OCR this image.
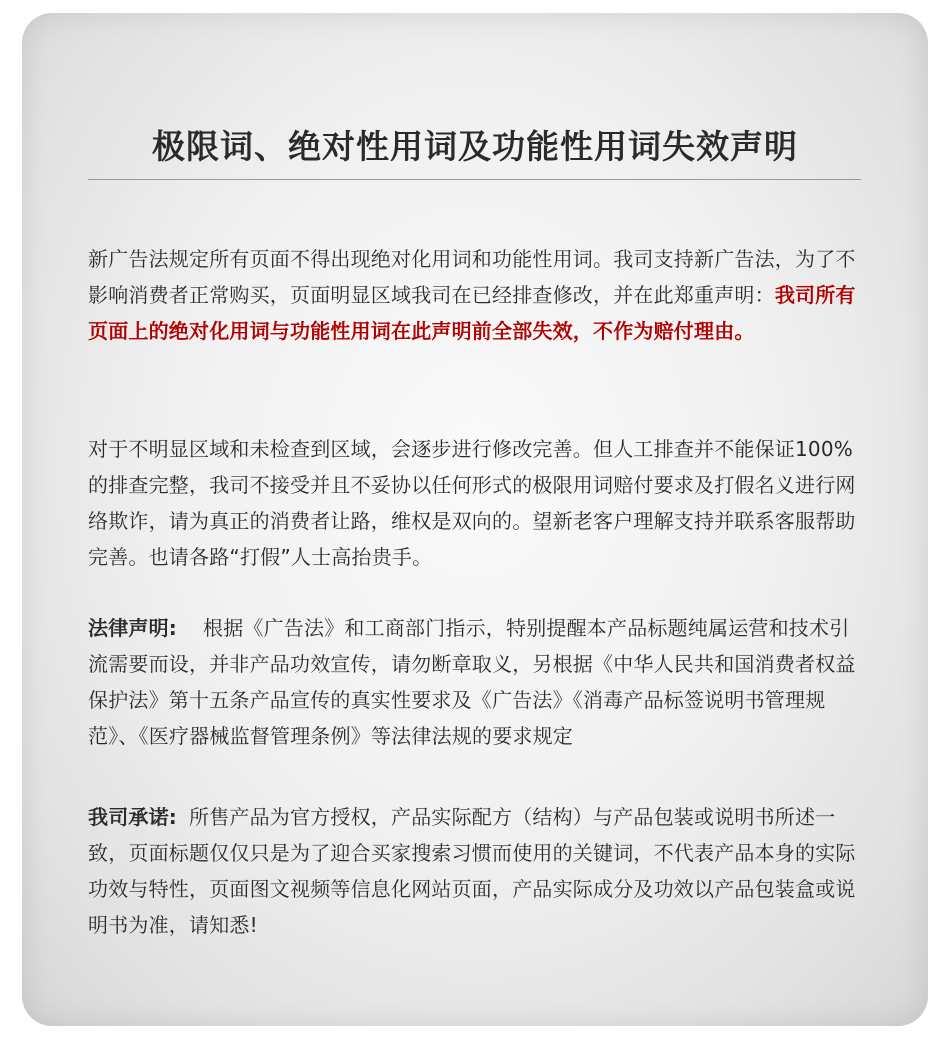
极限词、绝对性用词及功能性用词失效声明

新广告法规定所有页面不得出现绝对化用词和功能性用词。我司支持新广告法，为了不影响消费者正常购买，页面明显区域我司在已经排查修改，并在此郑重声明：我司所有页面上的绝对化用词与功能性用词在此声明前全部失效，不作为赔付理由。

对于不明显区域和未检查到区域，会逐步进行修改完善。但人工排查并不能保证100%的排查完整，我司不接受并且不妥协以任何形式的极限用词赔付要求及打假名义进行网络欺诈，请为真正的消费者让路，维权是双向的。望新老客户理解支持并联系客服帮助完善。也请各路“打假”人士高抬贵手。

法律声明: 根据《广告法》和工商部门指示，特别提醒本产品标题纯属运营和技术引流需要而设，并非产品功效宣传，请勿断章取义，另根据《中华人民共和国消费者权益保护法》第十五条产品宣传的真实性要求及《广告法》《消毒产品标签说明书管理规范》、《医疗器械监督管理条例》等法律法规的要求规定

我司承诺: 所售产品为官方授权，产品实际配方（结构）与产品包装或说明书所述一致，页面标题仅仅只是为了迎合买家搜索习惯而使用的关键词，不代表产品本身的实际功效与特性，页面图文视频等信息化网站页面，产品实际成分及功效以产品包装盒或说明书为准，请知悉!
